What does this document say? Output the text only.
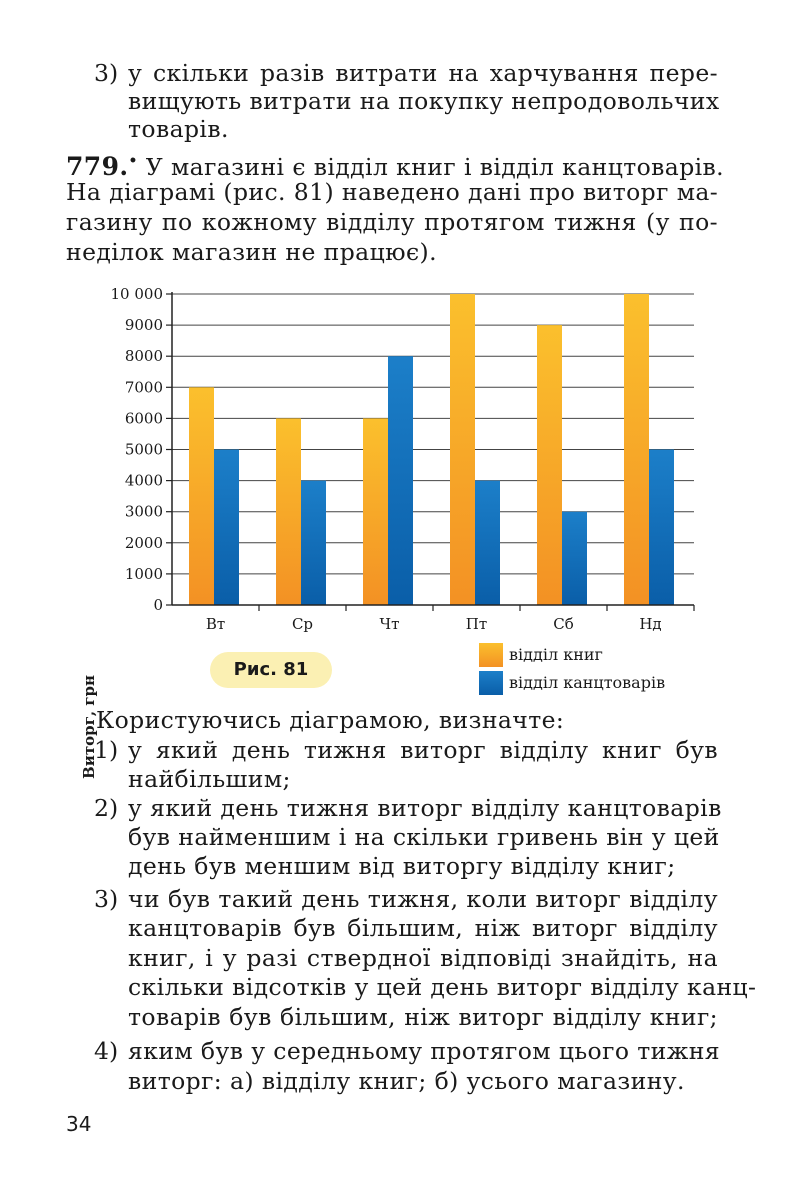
3) у скільки разів витрати на харчування пере-
вищують витрати на покупку непродовольчих
товарів.
779.• У магазині є відділ книг і відділ канцтоварів.
На діаграмі (рис. 81) наведено дані про виторг ма-
газину по кожному відділу протягом тижня (у по-
неділок магазин не працює).
0
1000
2000
3000
4000
5000
6000
7000
8000
9000
10 000
Вт	Ср	Чт	Пт	Сб	Нд
Виторг, грн
відділ книг
відділ канцтоварів
Рис. 81
Користуючись діаграмою, визначте:
1) у який день тижня виторг відділу книг був
найбільшим;
2) у який день тижня виторг відділу канцтоварів
був найменшим і на скільки гривень він у цей
день був меншим від виторгу відділу книг;
3) чи був такий день тижня, коли виторг відділу
канцтоварів був більшим, ніж виторг відділу
книг, і у разі ствердної відповіді знайдіть, на
скільки відсотків у цей день виторг відділу канц-
товарів був більшим, ніж виторг відділу книг;
4) яким був у середньому протягом цього тижня
виторг: а) відділу книг; б) усього магазину.
34
